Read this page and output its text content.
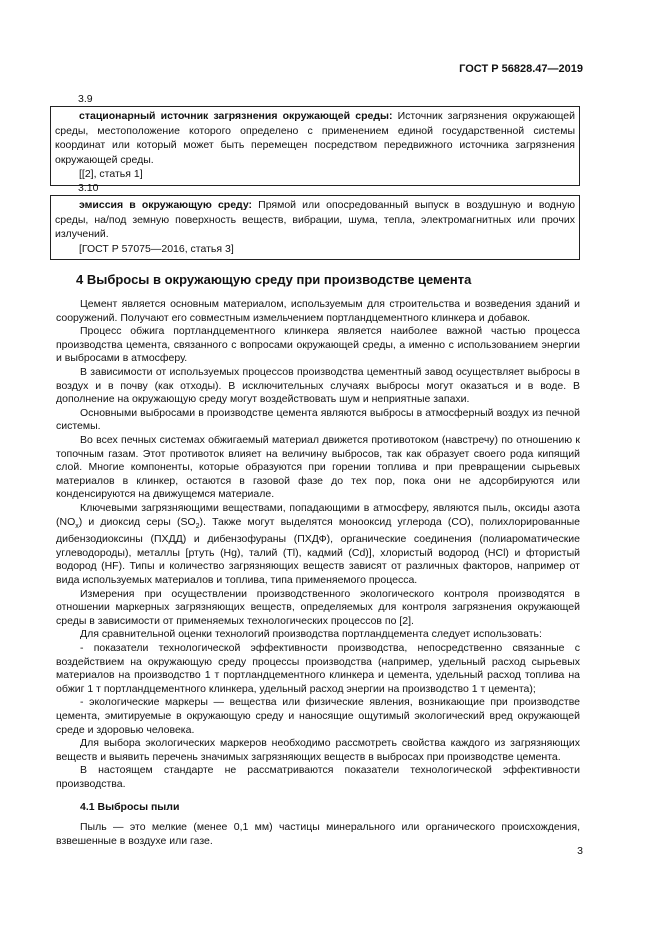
ГОСТ Р 56828.47—2019
3.9
стационарный источник загрязнения окружающей среды: Источник загрязнения окружающей среды, местоположение которого определено с применением единой государственной системы координат или который может быть перемещен посредством передвижного источника загрязнения окружающей среды.
[[2], статья 1]
3.10
эмиссия в окружающую среду: Прямой или опосредованный выпуск в воздушную и водную среды, на/под земную поверхность веществ, вибрации, шума, тепла, электромагнитных или прочих излучений.
[ГОСТ Р 57075—2016, статья 3]
4 Выбросы в окружающую среду при производстве цемента

Цемент является основным материалом, используемым для строительства и возведения зданий и сооружений. Получают его совместным измельчением портландцементного клинкера и добавок.

Процесс обжига портландцементного клинкера является наиболее важной частью процесса производства цемента, связанного с вопросами окружающей среды, а именно с использованием энергии и выбросами в атмосферу.

В зависимости от используемых процессов производства цементный завод осуществляет выбросы в воздух и в почву (как отходы). В исключительных случаях выбросы могут оказаться и в воде. В дополнение на окружающую среду могут воздействовать шум и неприятные запахи.

Основными выбросами в производстве цемента являются выбросы в атмосферный воздух из печной системы.

Во всех печных системах обжигаемый материал движется противотоком (навстречу) по отношению к топочным газам. Этот противоток влияет на величину выбросов, так как образует своего рода кипящий слой. Многие компоненты, которые образуются при горении топлива и при превращении сырьевых материалов в клинкер, остаются в газовой фазе до тех пор, пока они не адсорбируются или конденсируются на движущемся материале.

Ключевыми загрязняющими веществами, попадающими в атмосферу, являются пыль, оксиды азота $(NO_x)$ и диоксид серы $(SO_2)$. Также могут выделятся монооксид углерода (CO), полихлорированные дибензодиоксины (ПХДД) и дибензофураны (ПХДФ), органические соединения (полиароматические углеводороды), металлы [ртуть (Hg), талий (Tl), кадмий (Cd)], хлористый водород (HCl) и фтористый водород (HF). Типы и количество загрязняющих веществ зависят от различных факторов, например от вида используемых материалов и топлива, типа применяемого процесса.

Измерения при осуществлении производственного экологического контроля производятся в отношении маркерных загрязняющих веществ, определяемых для контроля загрязнения окружающей среды в зависимости от применяемых технологических процессов по [2].

Для сравнительной оценки технологий производства портландцемента следует использовать:

- показатели технологической эффективности производства, непосредственно связанные с воздействием на окружающую среду процессы производства (например, удельный расход сырьевых материалов на производство 1 т портландцементного клинкера и цемента, удельный расход топлива на обжиг 1 т портландцементного клинкера, удельный расход энергии на производство 1 т цемента);

- экологические маркеры — вещества или физические явления, возникающие при производстве цемента, эмитируемые в окружающую среду и наносящие ощутимый экологический вред окружающей среде и здоровью человека.

Для выбора экологических маркеров необходимо рассмотреть свойства каждого из загрязняющих веществ и выявить перечень значимых загрязняющих веществ в выбросах при производстве цемента.

В настоящем стандарте не рассматриваются показатели технологической эффективности производства.

4.1 Выбросы пыли

Пыль — это мелкие (менее 0,1 мм) частицы минерального или органического происхождения, взвешенные в воздухе или газе.

3
